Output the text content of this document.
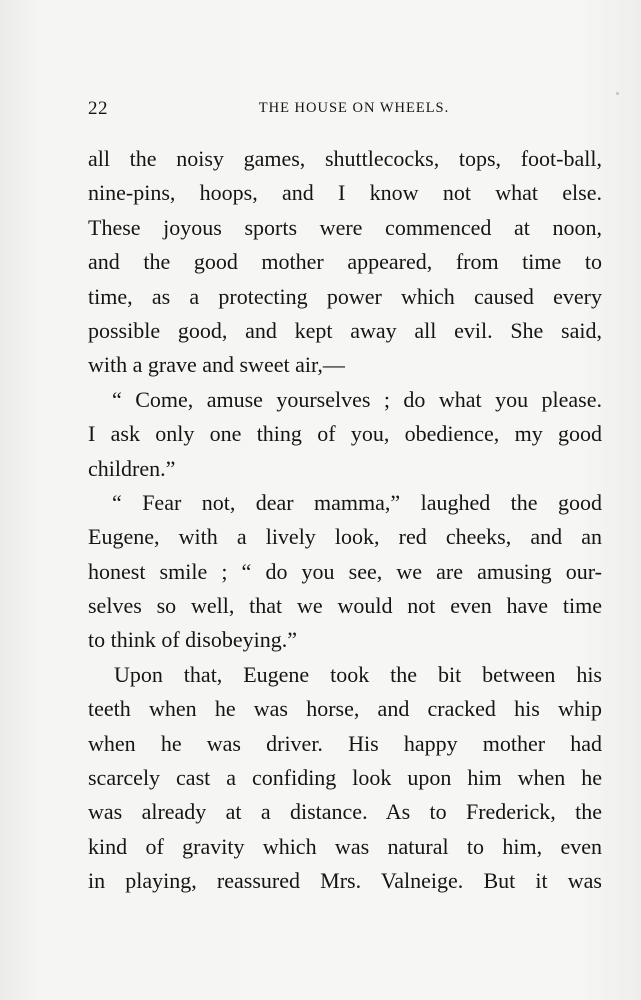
22	THE HOUSE ON WHEELS.
all the noisy games, shuttlecocks, tops, foot-ball,
nine-pins, hoops, and I know not what else.
These joyous sports were commenced at noon,
and the good mother appeared, from time to
time, as a protecting power which caused every
possible good, and kept away all evil. She said,
with a grave and sweet air,—
“ Come, amuse yourselves ; do what you please.
I ask only one thing of you, obedience, my good
children.”
“ Fear not, dear mamma,” laughed the good
Eugene, with a lively look, red cheeks, and an
honest smile ; “ do you see, we are amusing our-
selves so well, that we would not even have time
to think of disobeying.”
Upon that, Eugene took the bit between his
teeth when he was horse, and cracked his whip
when he was driver. His happy mother had
scarcely cast a confiding look upon him when he
was already at a distance. As to Frederick, the
kind of gravity which was natural to him, even
in playing, reassured Mrs. Valneige. But it was
